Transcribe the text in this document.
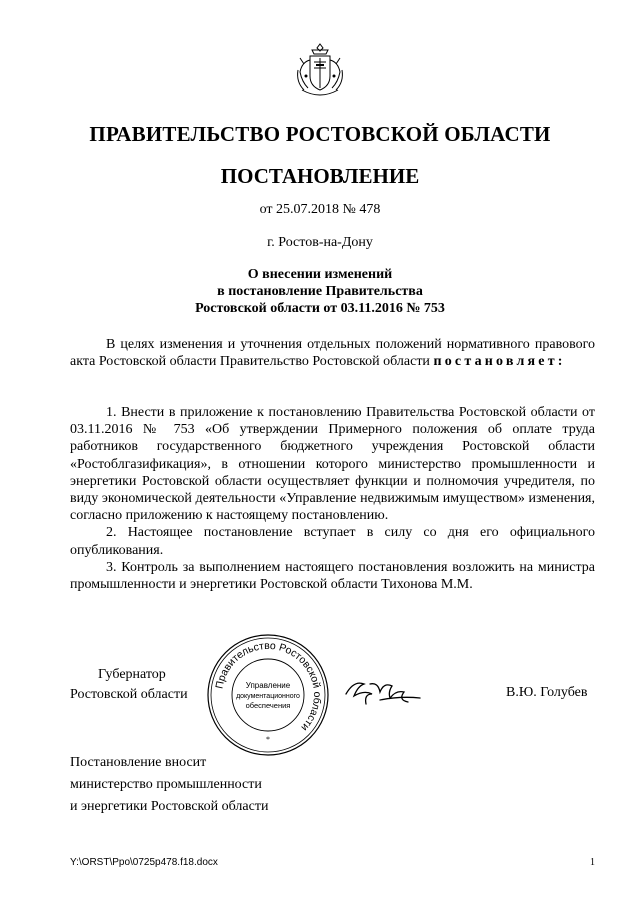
ПРАВИТЕЛЬСТВО РОСТОВСКОЙ ОБЛАСТИ
ПОСТАНОВЛЕНИЕ
от 25.07.2018 № 478
г. Ростов-на-Дону
О внесении изменений
в постановление Правительства
Ростовской области от 03.11.2016 № 753

В целях изменения и уточнения отдельных положений нормативного правового акта Ростовской области Правительство Ростовской области постановляет:

1. Внести в приложение к постановлению Правительства Ростовской области от 03.11.2016 № 753 «Об утверждении Примерного положения об оплате труда работников государственного бюджетного учреждения Ростовской области «Ростоблгазификация», в отношении которого министерство промышленности и энергетики Ростовской области осуществляет функции и полномочия учредителя, по виду экономической деятельности «Управление недвижимым имуществом» изменения, согласно приложению к настоящему постановлению.

2. Настоящее постановление вступает в силу со дня его официального опубликования.

3. Контроль за выполнением настоящего постановления возложить на министра промышленности и энергетики Ростовской области Тихонова М.М.

Губернатор
Ростовской области
Правительство Ростовской области
Управление
документационного
обеспечения
*
В.Ю. Голубев
Постановление вносит
министерство промышленности
и энергетики Ростовской области
Y:\ORST\Ppo\0725p478.f18.docx	1
